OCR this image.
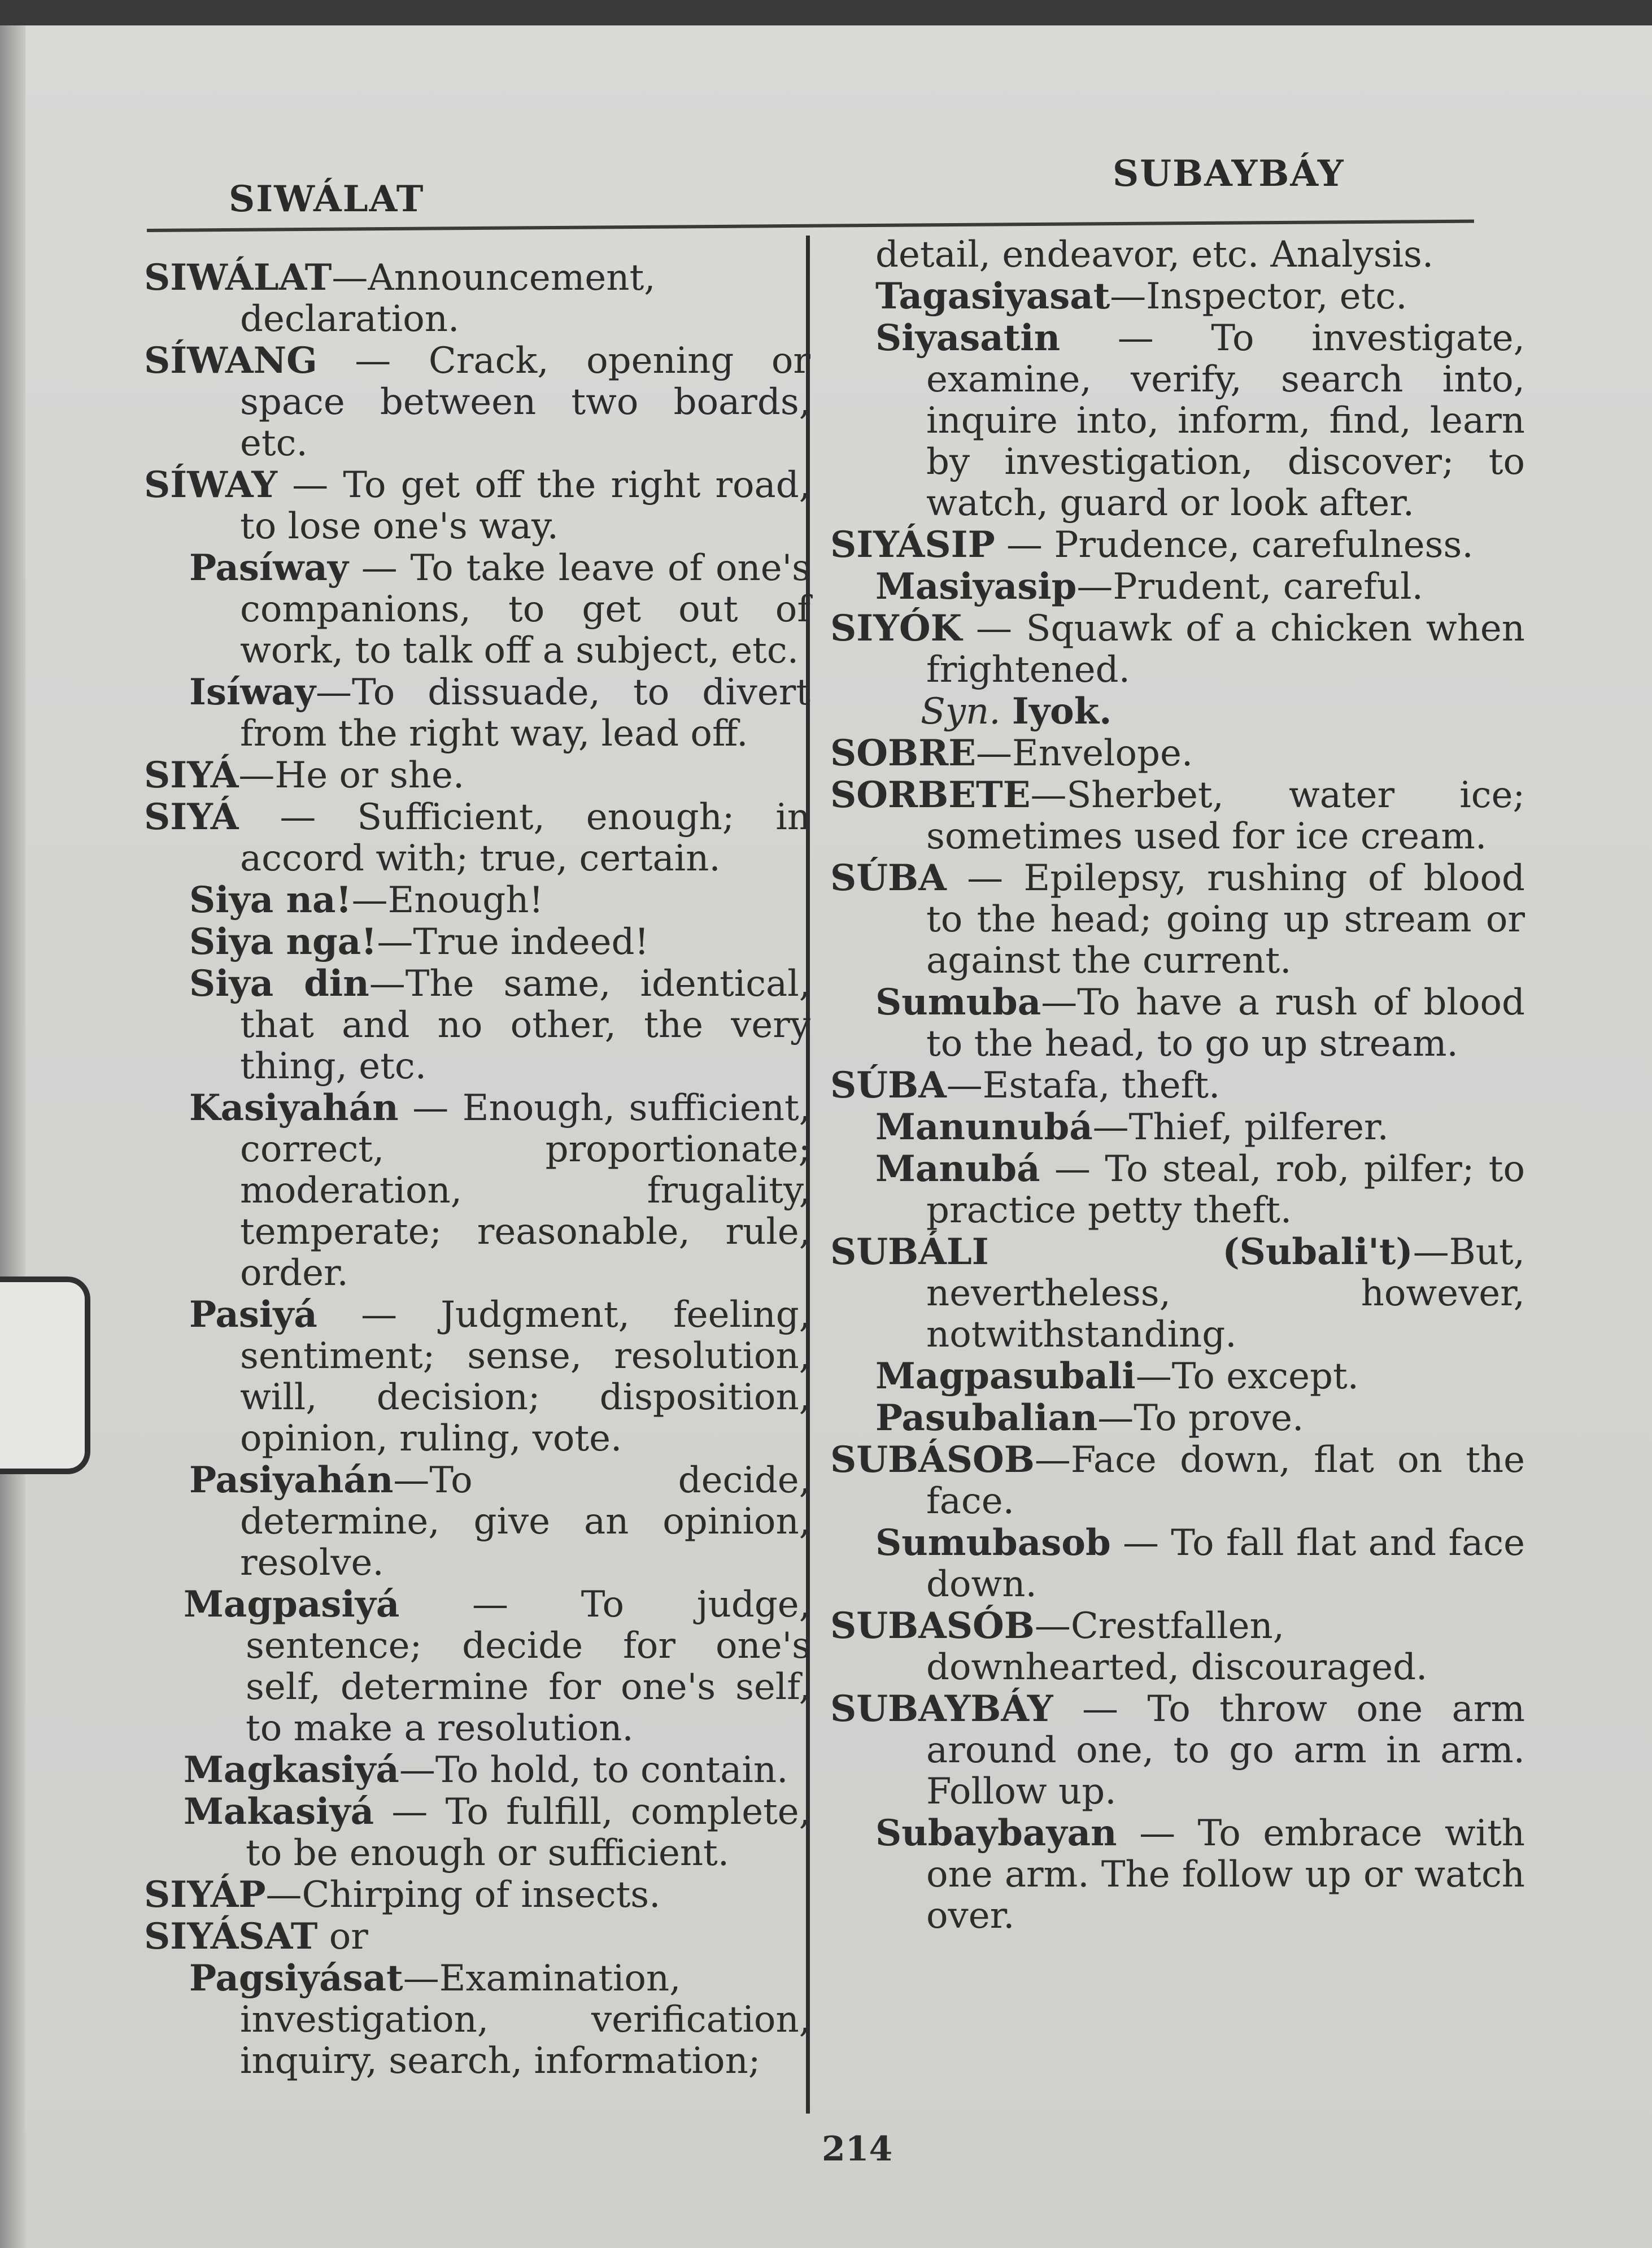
SIWÁLAT
SUBAYBÁY
SIWÁLAT—Announcement, declaration.
SÍWANG — Crack, opening or space between two boards, etc.
SÍWAY — To get off the right road, to lose one's way.
Pasíway — To take leave of one's companions, to get out of work, to talk off a subject, etc.
Isíway—To dissuade, to divert from the right way, lead off.
SIYÁ—He or she.
SIYÁ — Sufficient, enough; in accord with; true, certain.
Siya na!—Enough!
Siya nga!—True indeed!
Siya din—The same, identical, that and no other, the very thing, etc.
Kasiyahán — Enough, sufficient, correct, proportionate; moderation, frugality, temperate; reasonable, rule, order.
Pasiyá — Judgment, feeling, sentiment; sense, resolution, will, decision; disposition, opinion, ruling, vote.
Pasiyahán—To decide, determine, give an opinion, resolve.
Magpasiyá — To judge, sentence; decide for one's self, determine for one's self, to make a resolution.
Magkasiyá—To hold, to contain.
Makasiyá — To fulfill, complete, to be enough or sufficient.
SIYÁP—Chirping of insects.
SIYÁSAT or
Pagsiyásat—Examination, investigation, verification, inquiry, search, information;
detail, endeavor, etc. Analysis.
Tagasiyasat—Inspector, etc.
Siyasatin — To investigate, examine, verify, search into, inquire into, inform, find, learn by investigation, discover; to watch, guard or look after.
SIYÁSIP — Prudence, carefulness.
Masiyasip—Prudent, careful.
SIYÓK — Squawk of a chicken when frightened.
Syn. Iyok.
SOBRE—Envelope.
SORBETE—Sherbet, water ice; sometimes used for ice cream.
SÚBA — Epilepsy, rushing of blood to the head; going up stream or against the current.
Sumuba—To have a rush of blood to the head, to go up stream.
SÚBA—Estafa, theft.
Manunubá—Thief, pilferer.
Manubá — To steal, rob, pilfer; to practice petty theft.
SUBÁLI (Subali't)—But, nevertheless, however, notwithstanding.
Magpasubali—To except.
Pasubalian—To prove.
SUBÁSOB—Face down, flat on the face.
Sumubasob — To fall flat and face down.
SUBASÓB—Crestfallen, downhearted, discouraged.
SUBAYBÁY — To throw one arm around one, to go arm in arm. Follow up.
Subaybayan — To embrace with one arm. The follow up or watch over.
214
